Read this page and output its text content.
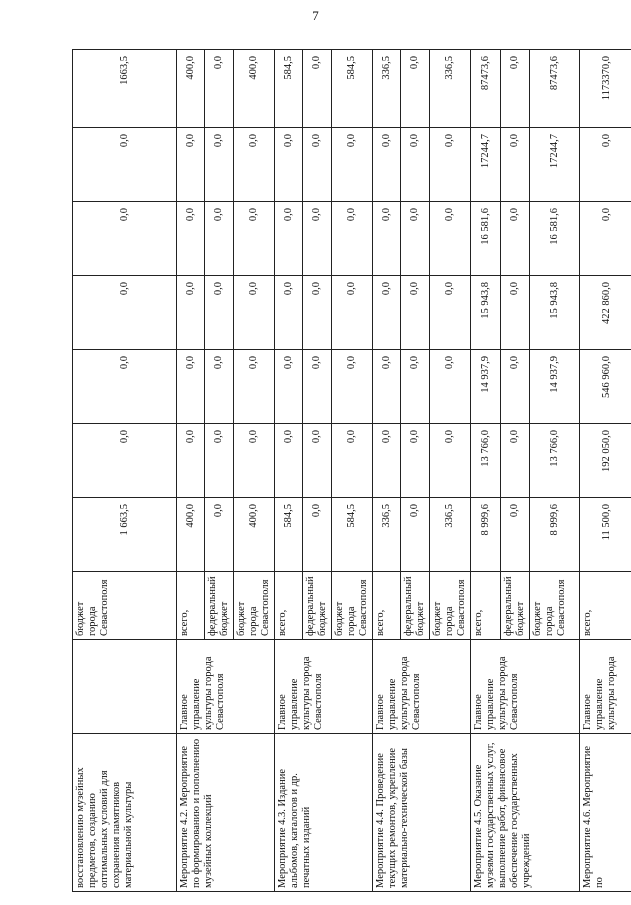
7
восстановлению музейных предметов, созданию оптимальных условий для сохранения памятников материальной культуры		бюджет города Севастополя	1 663,5	0,0	0,0	0,0	0,0	0,0	1663,5
Мероприятие 4.2. Мероприятие по формированию и пополнению музейных коллекций	Главное управление культуры города Севастополя	всего,	400,0	0,0	0,0	0,0	0,0	0,0	400,0
		федеральный бюджет	0,0	0,0	0,0	0,0	0,0	0,0	0,0
		бюджет города Севастополя	400,0	0,0	0,0	0,0	0,0	0,0	400,0
Мероприятие 4.3. Издание альбомов, каталогов и др. печатных изданий	Главное управление культуры города Севастополя	всего,	584,5	0,0	0,0	0,0	0,0	0,0	584,5
		федеральный бюджет	0,0	0,0	0,0	0,0	0,0	0,0	0,0
		бюджет города Севастополя	584,5	0,0	0,0	0,0	0,0	0,0	584,5
Мероприятие 4.4. Проведение текущих ремонтов, укрепление материально-технической базы	Главное управление культуры города Севастополя	всего,	336,5	0,0	0,0	0,0	0,0	0,0	336,5
		федеральный бюджет	0,0	0,0	0,0	0,0	0,0	0,0	0,0
		бюджет города Севастополя	336,5	0,0	0,0	0,0	0,0	0,0	336,5
Мероприятие 4.5. Оказание музеями государственных услуг, выполнение работ, финансовое обеспечение государственных учреждений	Главное управление культуры города Севастополя	всего,	8 999,6	13 766,0	14 937,9	15 943,8	16 581,6	17244,7	87473,6
		федеральный бюджет	0,0	0,0	0,0	0,0	0,0	0,0	0,0
		бюджет города Севастополя	8 999,6	13 766,0	14 937,9	15 943,8	16 581,6	17244,7	87473,6
Мероприятие 4.6. Мероприятие по	Главное управление культуры города	всего,	11 500,0	192 050,0	546 960,0	422 860,0	0,0	0,0	1173370,0
